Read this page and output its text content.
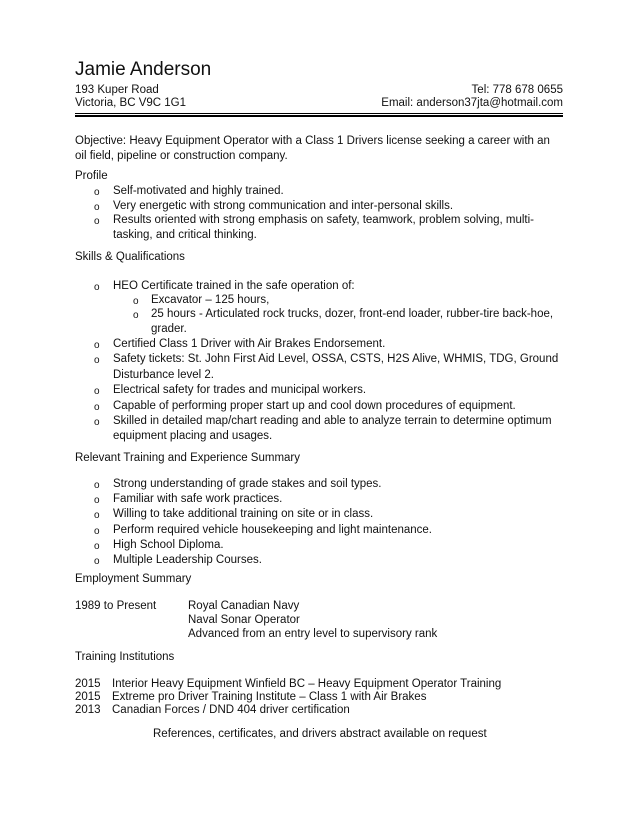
Jamie Anderson
193 Kuper Road
Victoria, BC V9C 1G1
Tel: 778 678 0655
Email: anderson37jta@hotmail.com
Objective: Heavy Equipment Operator with a Class 1 Drivers license seeking a career with an
oil field, pipeline or construction company.
Profile
o Self-motivated and highly trained.
o Very energetic with strong communication and inter-personal skills.
o Results oriented with strong emphasis on safety, teamwork, problem solving, multi-
tasking, and critical thinking.
Skills & Qualifications
o HEO Certificate trained in the safe operation of:
o Excavator – 125 hours,
o 25 hours - Articulated rock trucks, dozer, front-end loader, rubber-tire back-hoe,
grader.
o Certified Class 1 Driver with Air Brakes Endorsement.
o Safety tickets: St. John First Aid Level, OSSA, CSTS, H2S Alive, WHMIS, TDG, Ground
Disturbance level 2.
o Electrical safety for trades and municipal workers.
o Capable of performing proper start up and cool down procedures of equipment.
o Skilled in detailed map/chart reading and able to analyze terrain to determine optimum
equipment placing and usages.
Relevant Training and Experience Summary
o Strong understanding of grade stakes and soil types.
o Familiar with safe work practices.
o Willing to take additional training on site or in class.
o Perform required vehicle housekeeping and light maintenance.
o High School Diploma.
o Multiple Leadership Courses.
Employment Summary
1989 to Present	Royal Canadian Navy
Naval Sonar Operator
Advanced from an entry level to supervisory rank
Training Institutions
2015 Interior Heavy Equipment Winfield BC – Heavy Equipment Operator Training
2015 Extreme pro Driver Training Institute – Class 1 with Air Brakes
2013 Canadian Forces / DND 404 driver certification
References, certificates, and drivers abstract available on request
